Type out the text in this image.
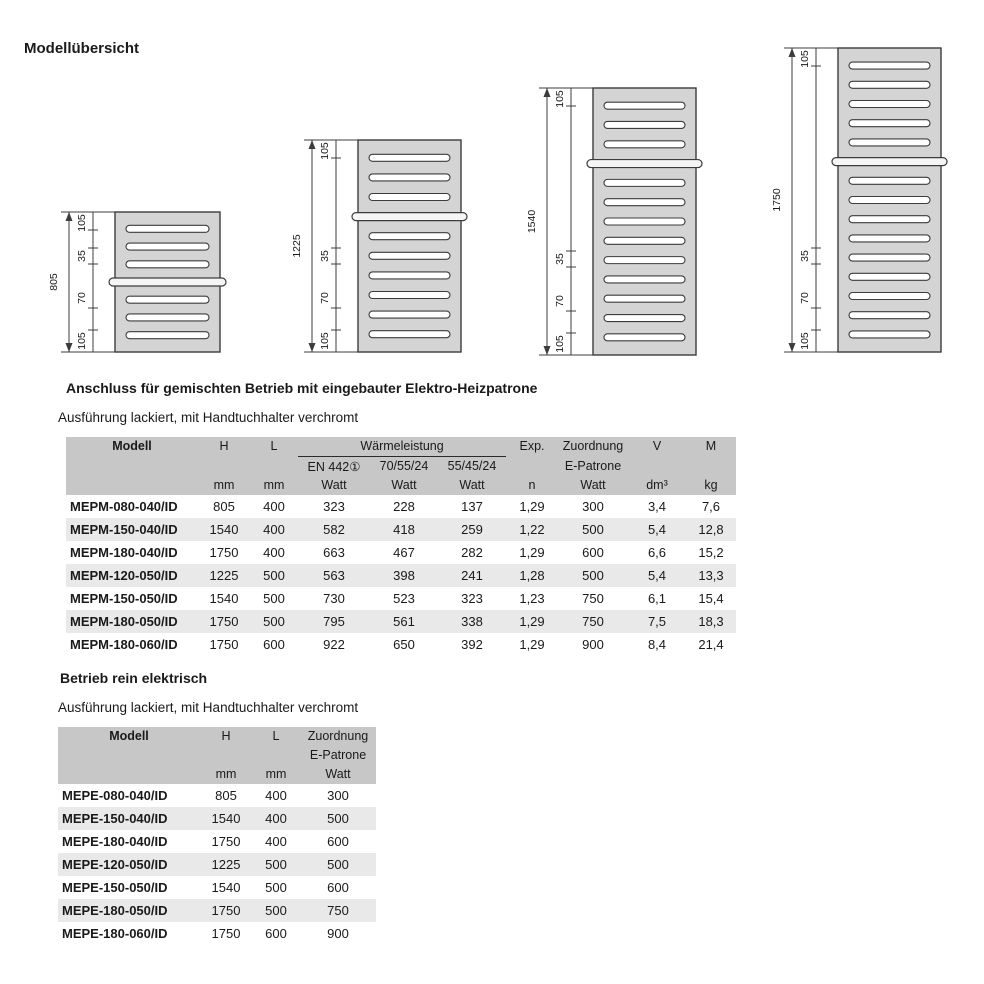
Modellübersicht
805
105
35
70
105
1225
105
35
70
105
1540
105
35
70
105
1750
105
35
70
105
Anschluss für gemischten Betrieb mit eingebauter Elektro-Heizpatrone

Ausführung lackiert, mit Handtuchhalter verchromt

Modell	H	L	Wärmeleistung			Exp.	Zuordnung	V	M
			EN 442①	70/55/24	55/45/24		E-Patrone		
	mm	mm	Watt	Watt	Watt	n	Watt	dm³	kg
MEPM-080-040/ID	805	400	323	228	137	1,29	300	3,4	7,6
MEPM-150-040/ID	1540	400	582	418	259	1,22	500	5,4	12,8
MEPM-180-040/ID	1750	400	663	467	282	1,29	600	6,6	15,2
MEPM-120-050/ID	1225	500	563	398	241	1,28	500	5,4	13,3
MEPM-150-050/ID	1540	500	730	523	323	1,23	750	6,1	15,4
MEPM-180-050/ID	1750	500	795	561	338	1,29	750	7,5	18,3
MEPM-180-060/ID	1750	600	922	650	392	1,29	900	8,4	21,4
Betrieb rein elektrisch

Ausführung lackiert, mit Handtuchhalter verchromt

Modell	H	L	Zuordnung
			E-Patrone
	mm	mm	Watt
MEPE-080-040/ID	805	400	300
MEPE-150-040/ID	1540	400	500
MEPE-180-040/ID	1750	400	600
MEPE-120-050/ID	1225	500	500
MEPE-150-050/ID	1540	500	600
MEPE-180-050/ID	1750	500	750
MEPE-180-060/ID	1750	600	900
